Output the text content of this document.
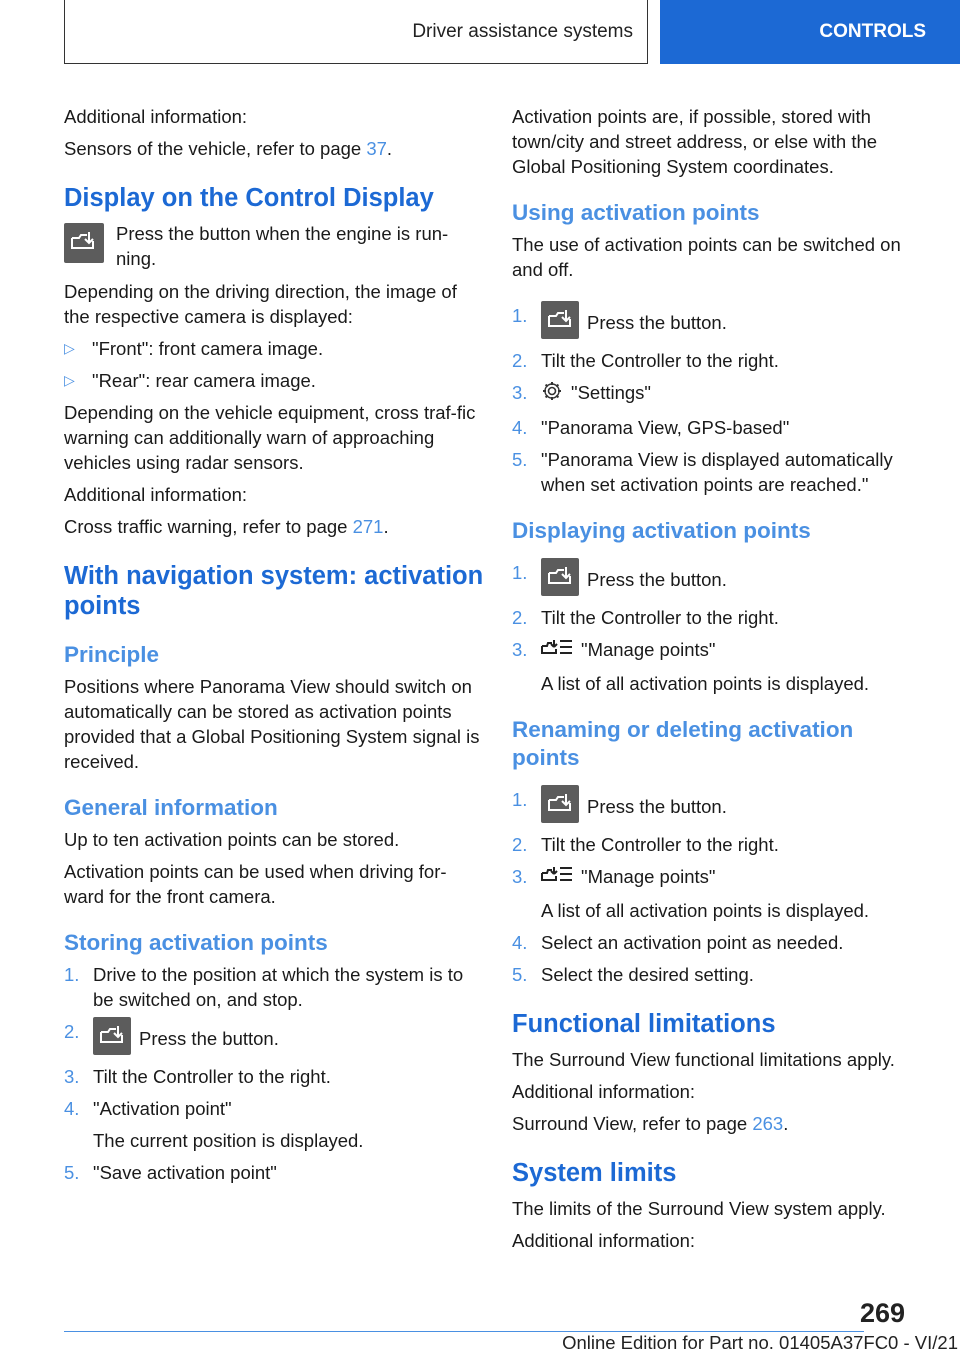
Driver assistance systems	CONTROLS

Additional information:

Sensors of the vehicle, refer to page 37.

Display on the Control Display
Press the button when the engine is run-ning.

Depending on the driving direction, the image of the respective camera is displayed:

▷ "Front": front camera image.
▷ "Rear": rear camera image.

Depending on the vehicle equipment, cross traf-fic warning can additionally warn of approaching vehicles using radar sensors.

Additional information:

Cross traffic warning, refer to page 271.

With navigation system: activation points
Principle

Positions where Panorama View should switch on automatically can be stored as activation points provided that a Global Positioning System signal is received.

General information

Up to ten activation points can be stored.

Activation points can be used when driving for-ward for the front camera.

Storing activation points
1. Drive to the position at which the system is to be switched on, and stop.
2.	Press the button.
3. Tilt the Controller to the right.
4. "Activation point"

The current position is displayed.

5. "Save activation point"

Activation points are, if possible, stored with town/city and street address, or else with the Global Positioning System coordinates.

Using activation points

The use of activation points can be switched on and off.

1.	Press the button.
2. Tilt the Controller to the right.
3.	"Settings"
4. "Panorama View, GPS-based"
5. "Panorama View is displayed automatically when set activation points are reached."
Displaying activation points
1.	Press the button.
2. Tilt the Controller to the right.
3.	"Manage points"

A list of all activation points is displayed.

Renaming or deleting activation points
1.	Press the button.
2. Tilt the Controller to the right.
3.	"Manage points"

A list of all activation points is displayed.

4. Select an activation point as needed.
5. Select the desired setting.
Functional limitations

The Surround View functional limitations apply.

Additional information:

Surround View, refer to page 263.

System limits

The limits of the Surround View system apply.

Additional information:

269
Online Edition for Part no. 01405A37FC0 - VI/21
